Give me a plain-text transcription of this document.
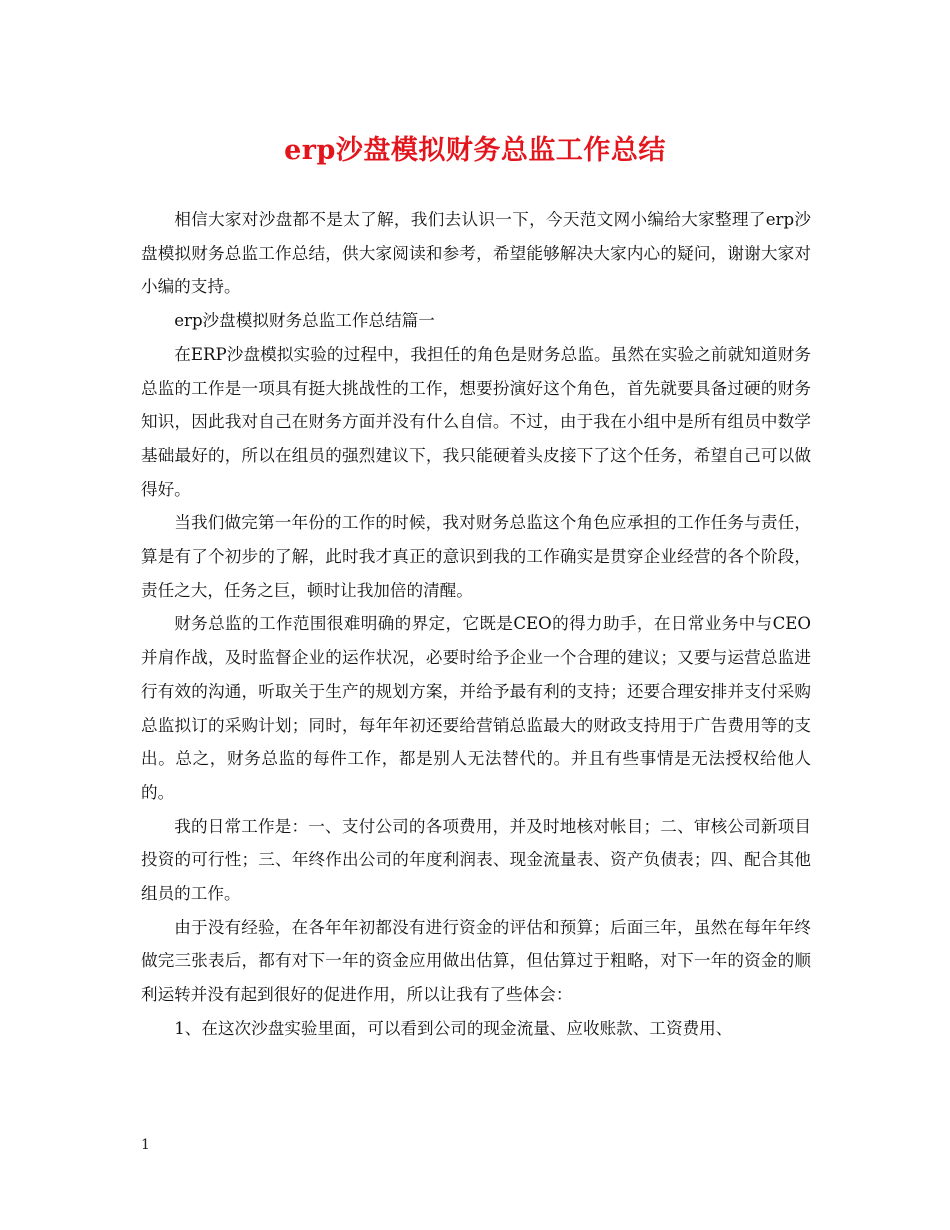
erp沙盘模拟财务总监工作总结

相信大家对沙盘都不是太了解，我们去认识一下，今天范文网小编给大家整理了erp沙盘模拟财务总监工作总结，供大家阅读和参考，希望能够解决大家内心的疑问，谢谢大家对小编的支持。

erp沙盘模拟财务总监工作总结篇一

在ERP沙盘模拟实验的过程中，我担任的角色是财务总监。虽然在实验之前就知道财务总监的工作是一项具有挺大挑战性的工作，想要扮演好这个角色，首先就要具备过硬的财务知识，因此我对自己在财务方面并没有什么自信。不过，由于我在小组中是所有组员中数学基础最好的，所以在组员的强烈建议下，我只能硬着头皮接下了这个任务，希望自己可以做得好。

当我们做完第一年份的工作的时候，我对财务总监这个角色应承担的工作任务与责任，算是有了个初步的了解，此时我才真正的意识到我的工作确实是贯穿企业经营的各个阶段，责任之大，任务之巨，顿时让我加倍的清醒。

财务总监的工作范围很难明确的界定，它既是CEO的得力助手，在日常业务中与CEO并肩作战，及时监督企业的运作状况，必要时给予企业一个合理的建议；又要与运营总监进行有效的沟通，听取关于生产的规划方案，并给予最有利的支持；还要合理安排并支付采购总监拟订的采购计划；同时，每年年初还要给营销总监最大的财政支持用于广告费用等的支出。总之，财务总监的每件工作，都是别人无法替代的。并且有些事情是无法授权给他人的。

我的日常工作是：一、支付公司的各项费用，并及时地核对帐目；二、审核公司新项目投资的可行性；三、年终作出公司的年度利润表、现金流量表、资产负债表；四、配合其他组员的工作。

由于没有经验，在各年年初都没有进行资金的评估和预算；后面三年，虽然在每年年终做完三张表后，都有对下一年的资金应用做出估算，但估算过于粗略，对下一年的资金的顺利运转并没有起到很好的促进作用，所以让我有了些体会：

1、在这次沙盘实验里面，可以看到公司的现金流量、应收账款、工资费用、

1
